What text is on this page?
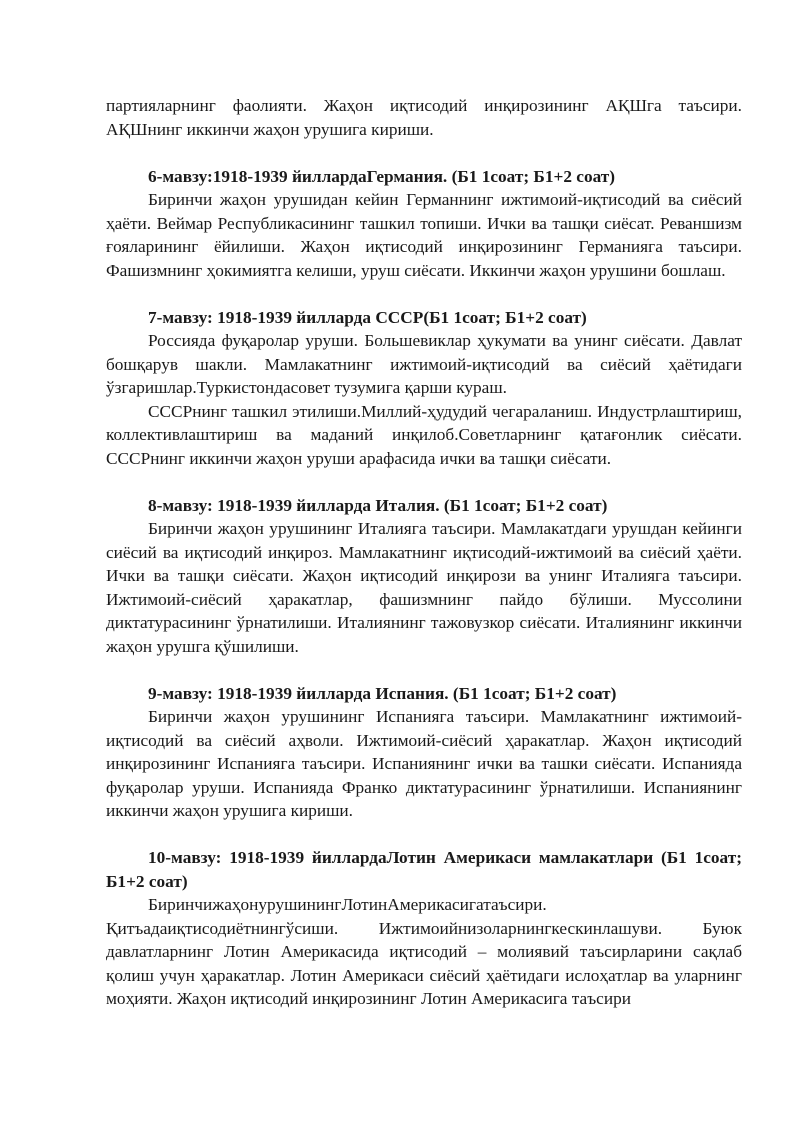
партияларнинг фаолияти. Жаҳон иқтисодий инқирозининг АҚШга таъсири. АҚШнинг иккинчи жаҳон урушига кириши.

6-мавзу:1918-1939 йиллардаГермания. (Б1 1соат; Б1+2 соат)

Биринчи жаҳон урушидан кейин Германнинг ижтимоий-иқтисодий ва сиёсий ҳаёти. Веймар Республикасининг ташкил топиши. Ички ва ташқи сиёсат. Реваншизм ғояларининг ёйилиши. Жаҳон иқтисодий инқирозининг Германияга таъсири. Фашизмнинг ҳокимиятга келиши, уруш сиёсати. Иккинчи жаҳон урушини бошлаш.

7-мавзу: 1918-1939 йилларда СССР(Б1 1соат; Б1+2 соат)

Россияда фуқаролар уруши. Большевиклар ҳукумати ва унинг сиёсати. Давлат бошқарув шакли. Мамлакатнинг ижтимоий-иқтисодий ва сиёсий ҳаётидаги ўзгаришлар.Туркистондасовет тузумига қарши кураш.

СССРнинг ташкил этилиши.Миллий-ҳудудий чегараланиш. Индустрлаштириш, коллективлаштириш ва маданий инқилоб.Советларнинг қатағонлик сиёсати. СССРнинг иккинчи жаҳон уруши арафасида ички ва ташқи сиёсати.

8-мавзу: 1918-1939 йилларда Италия. (Б1 1соат; Б1+2 соат)

Биринчи жаҳон урушининг Италияга таъсири. Мамлакатдаги урушдан кейинги сиёсий ва иқтисодий инқироз. Мамлакатнинг иқтисодий-ижтимоий ва сиёсий ҳаёти. Ички ва ташқи сиёсати. Жаҳон иқтисодий инқирози ва унинг Италияга таъсири. Ижтимоий-сиёсий ҳаракатлар, фашизмнинг пайдо бўлиши. Муссолини диктатурасининг ўрнатилиши. Италиянинг тажовузкор сиёсати. Италиянинг иккинчи жаҳон урушга қўшилиши.

9-мавзу: 1918-1939 йилларда Испания. (Б1 1соат; Б1+2 соат)

Биринчи жаҳон урушининг Испанияга таъсири. Мамлакатнинг ижтимоий-иқтисодий ва сиёсий аҳволи. Ижтимоий-сиёсий ҳаракатлар. Жаҳон иқтисодий инқирозининг Испанияга таъсири. Испаниянинг ички ва ташки сиёсати. Испанияда фуқаролар уруши. Испанияда Франко диктатурасининг ўрнатилиши. Испаниянинг иккинчи жаҳон урушига кириши.

10-мавзу: 1918-1939 йиллардаЛотин Америкаси мамлакатлари (Б1 1соат; Б1+2 соат)

БиринчижаҳонурушинингЛотинАмерикасигатаъсири.

Қитъадаиқтисодиётнингўсиши. Ижтимоийнизоларнингкескинлашуви. Буюк давлатларнинг Лотин Америкасида иқтисодий – молиявий таъсирларини сақлаб қолиш учун ҳаракатлар. Лотин Америкаси сиёсий ҳаётидаги ислоҳатлар ва уларнинг моҳияти. Жаҳон иқтисодий инқирозининг Лотин Америкасига таъсири
